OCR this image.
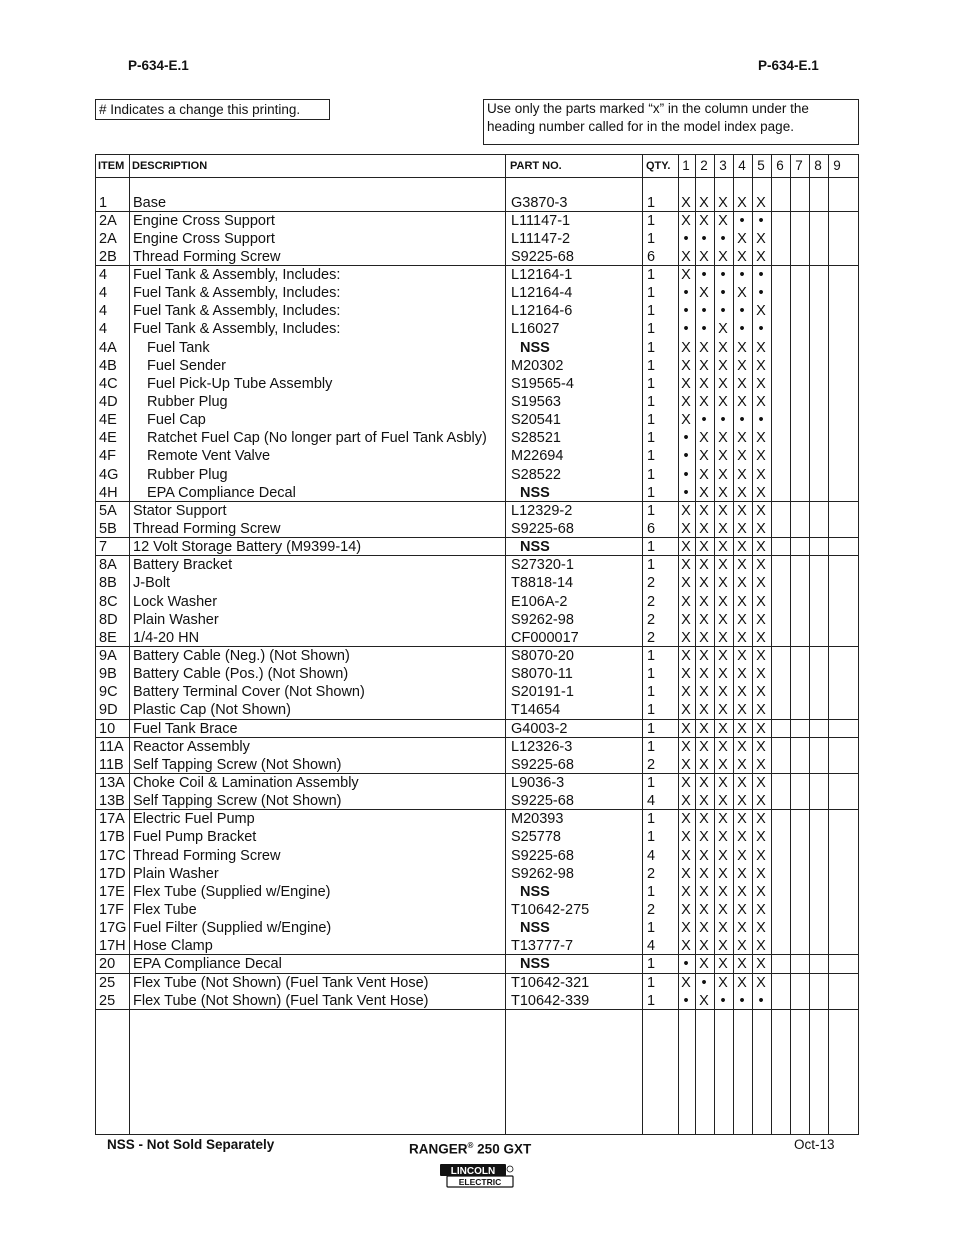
P-634-E.1	P-634-E.1
# Indicates a change this printing.	Use only the parts marked “x” in the column under the
heading number called for in the model index page.
ITEM DESCRIPTION	PART NO.	QTY. 1 2 3 4 5 6 7 8 9
1 Base	G3870-3	1 X X X X X
2A Engine Cross Support	L11147-1	1 X X X • •
2A Engine Cross Support	L11147-2	1	• • • X X
2B Thread Forming Screw	S9225-68	6 X X X X X
4 Fuel Tank & Assembly, Includes:	L12164-1	1 X • • • •
4 Fuel Tank & Assembly, Includes:	L12164-4	1	• X • X •
4 Fuel Tank & Assembly, Includes:	L12164-6	1	• • • • X
4 Fuel Tank & Assembly, Includes:	L16027	1	• • X • •
4A Fuel Tank	NSS	1 X X X X X
4B Fuel Sender	M20302	1 X X X X X
4C Fuel Pick-Up Tube Assembly	S19565-4	1 X X X X X
4D Rubber Plug	S19563	1 X X X X X
4E Fuel Cap	S20541	1 X • • • •
4E Ratchet Fuel Cap (No longer part of Fuel Tank Asbly) S28521	1	• X X X X
4F Remote Vent Valve	M22694	1	• X X X X
4G Rubber Plug	S28522	1	• X X X X
4H EPA Compliance Decal	NSS	1	• X X X X
5A Stator Support	L12329-2	1 X X X X X
5B Thread Forming Screw	S9225-68	6 X X X X X
7 12 Volt Storage Battery (M9399-14)	NSS	1 X X X X X
8A Battery Bracket	S27320-1	1 X X X X X
8B J-Bolt	T8818-14	2 X X X X X
8C Lock Washer	E106A-2	2 X X X X X
8D Plain Washer	S9262-98	2 X X X X X
8E 1/4-20 HN	CF000017	2 X X X X X
9A Battery Cable (Neg.) (Not Shown)	S8070-20	1 X X X X X
9B Battery Cable (Pos.) (Not Shown)	S8070-11	1 X X X X X
9C Battery Terminal Cover (Not Shown)	S20191-1	1 X X X X X
9D Plastic Cap (Not Shown)	T14654	1 X X X X X
10 Fuel Tank Brace	G4003-2	1 X X X X X
11A Reactor Assembly	L12326-3	1 X X X X X
11B Self Tapping Screw (Not Shown)	S9225-68	2 X X X X X
13A Choke Coil & Lamination Assembly	L9036-3	1 X X X X X
13B Self Tapping Screw (Not Shown)	S9225-68	4 X X X X X
17A Electric Fuel Pump	M20393	1 X X X X X
17B Fuel Pump Bracket	S25778	1 X X X X X
17C Thread Forming Screw	S9225-68	4 X X X X X
17D Plain Washer	S9262-98	2 X X X X X
17E Flex Tube (Supplied w/Engine)	NSS	1 X X X X X
17F Flex Tube	T10642-275	2 X X X X X
17G Fuel Filter (Supplied w/Engine)	NSS	1 X X X X X
17H Hose Clamp	T13777-7	4 X X X X X
20 EPA Compliance Decal	NSS	1	• X X X X
25 Flex Tube (Not Shown) (Fuel Tank Vent Hose)	T10642-321	1 X • X X X
25 Flex Tube (Not Shown) (Fuel Tank Vent Hose)	T10642-339	1	• X • • •
NSS - Not Sold Separately	RANGER® 250 GXT	Oct-13
LINCOLN
ELECTRIC
